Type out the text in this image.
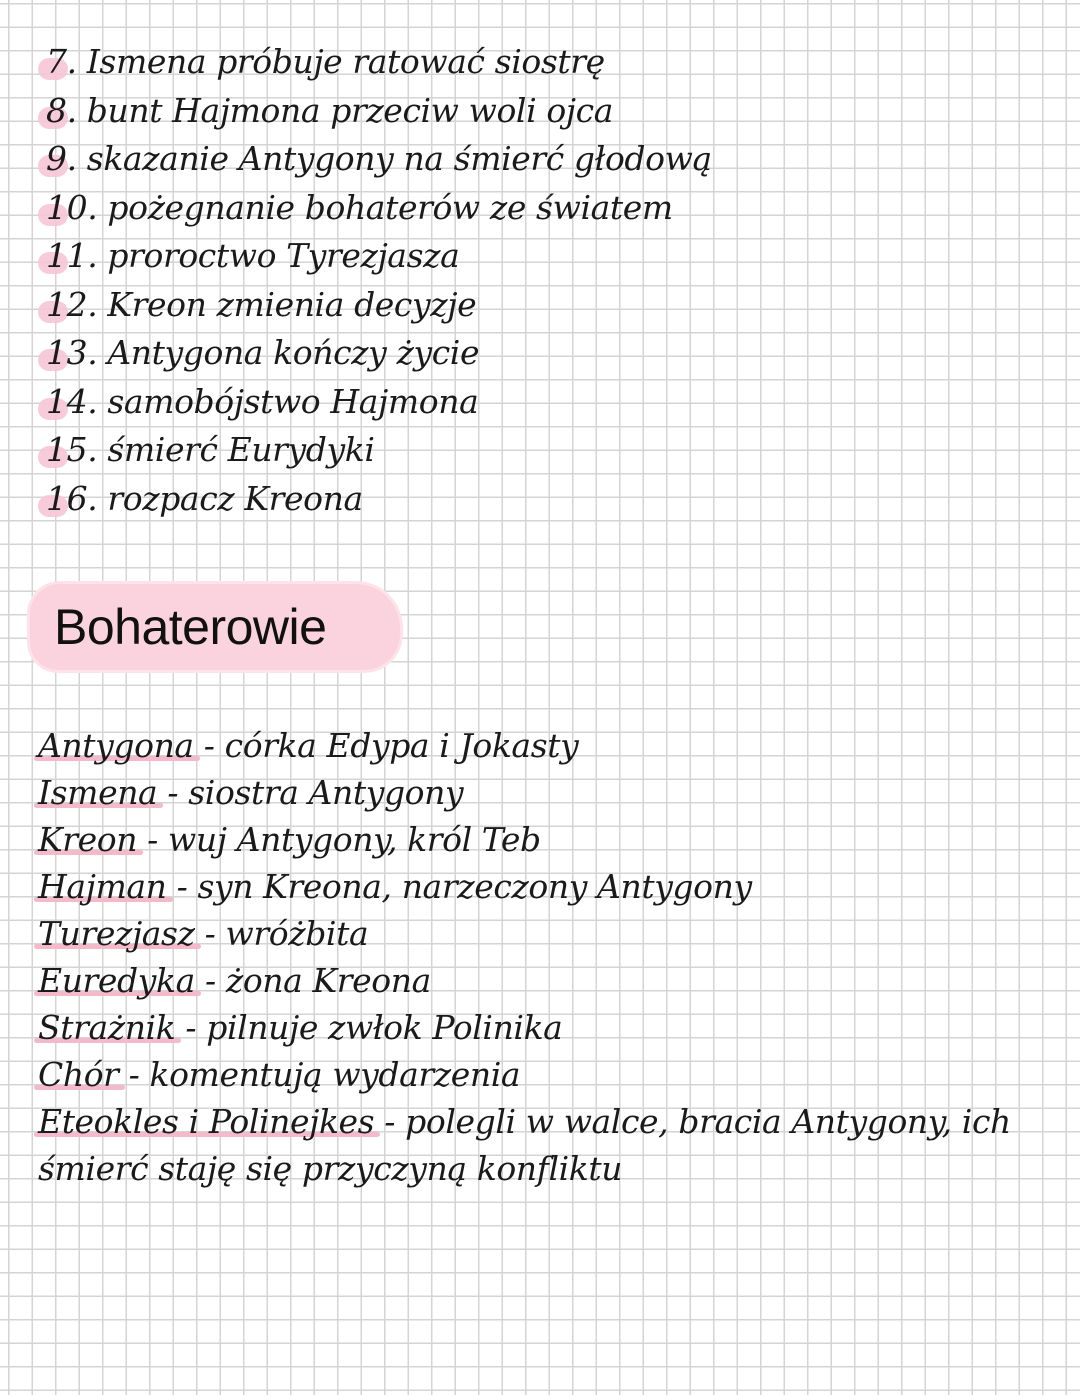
7. Ismena próbuje ratować siostrę
8. bunt Hajmona przeciw woli ojca
9. skazanie Antygony na śmierć głodową
10. pożegnanie bohaterów ze światem
11. proroctwo Tyrezjasza
12. Kreon zmienia decyzje
13. Antygona kończy życie
14. samobójstwo Hajmona
15. śmierć Eurydyki
16. rozpacz Kreona
Bohaterowie
Antygona - córka Edypa i Jokasty
Ismena - siostra Antygony
Kreon - wuj Antygony, król Teb
Hajman - syn Kreona, narzeczony Antygony
Turezjasz - wróżbita
Euredyka - żona Kreona
Strażnik - pilnuje zwłok Polinika
Chór - komentują wydarzenia
Eteokles i Polinejkes - polegli w walce, bracia Antygony, ich śmierć staję się przyczyną konfliktu
